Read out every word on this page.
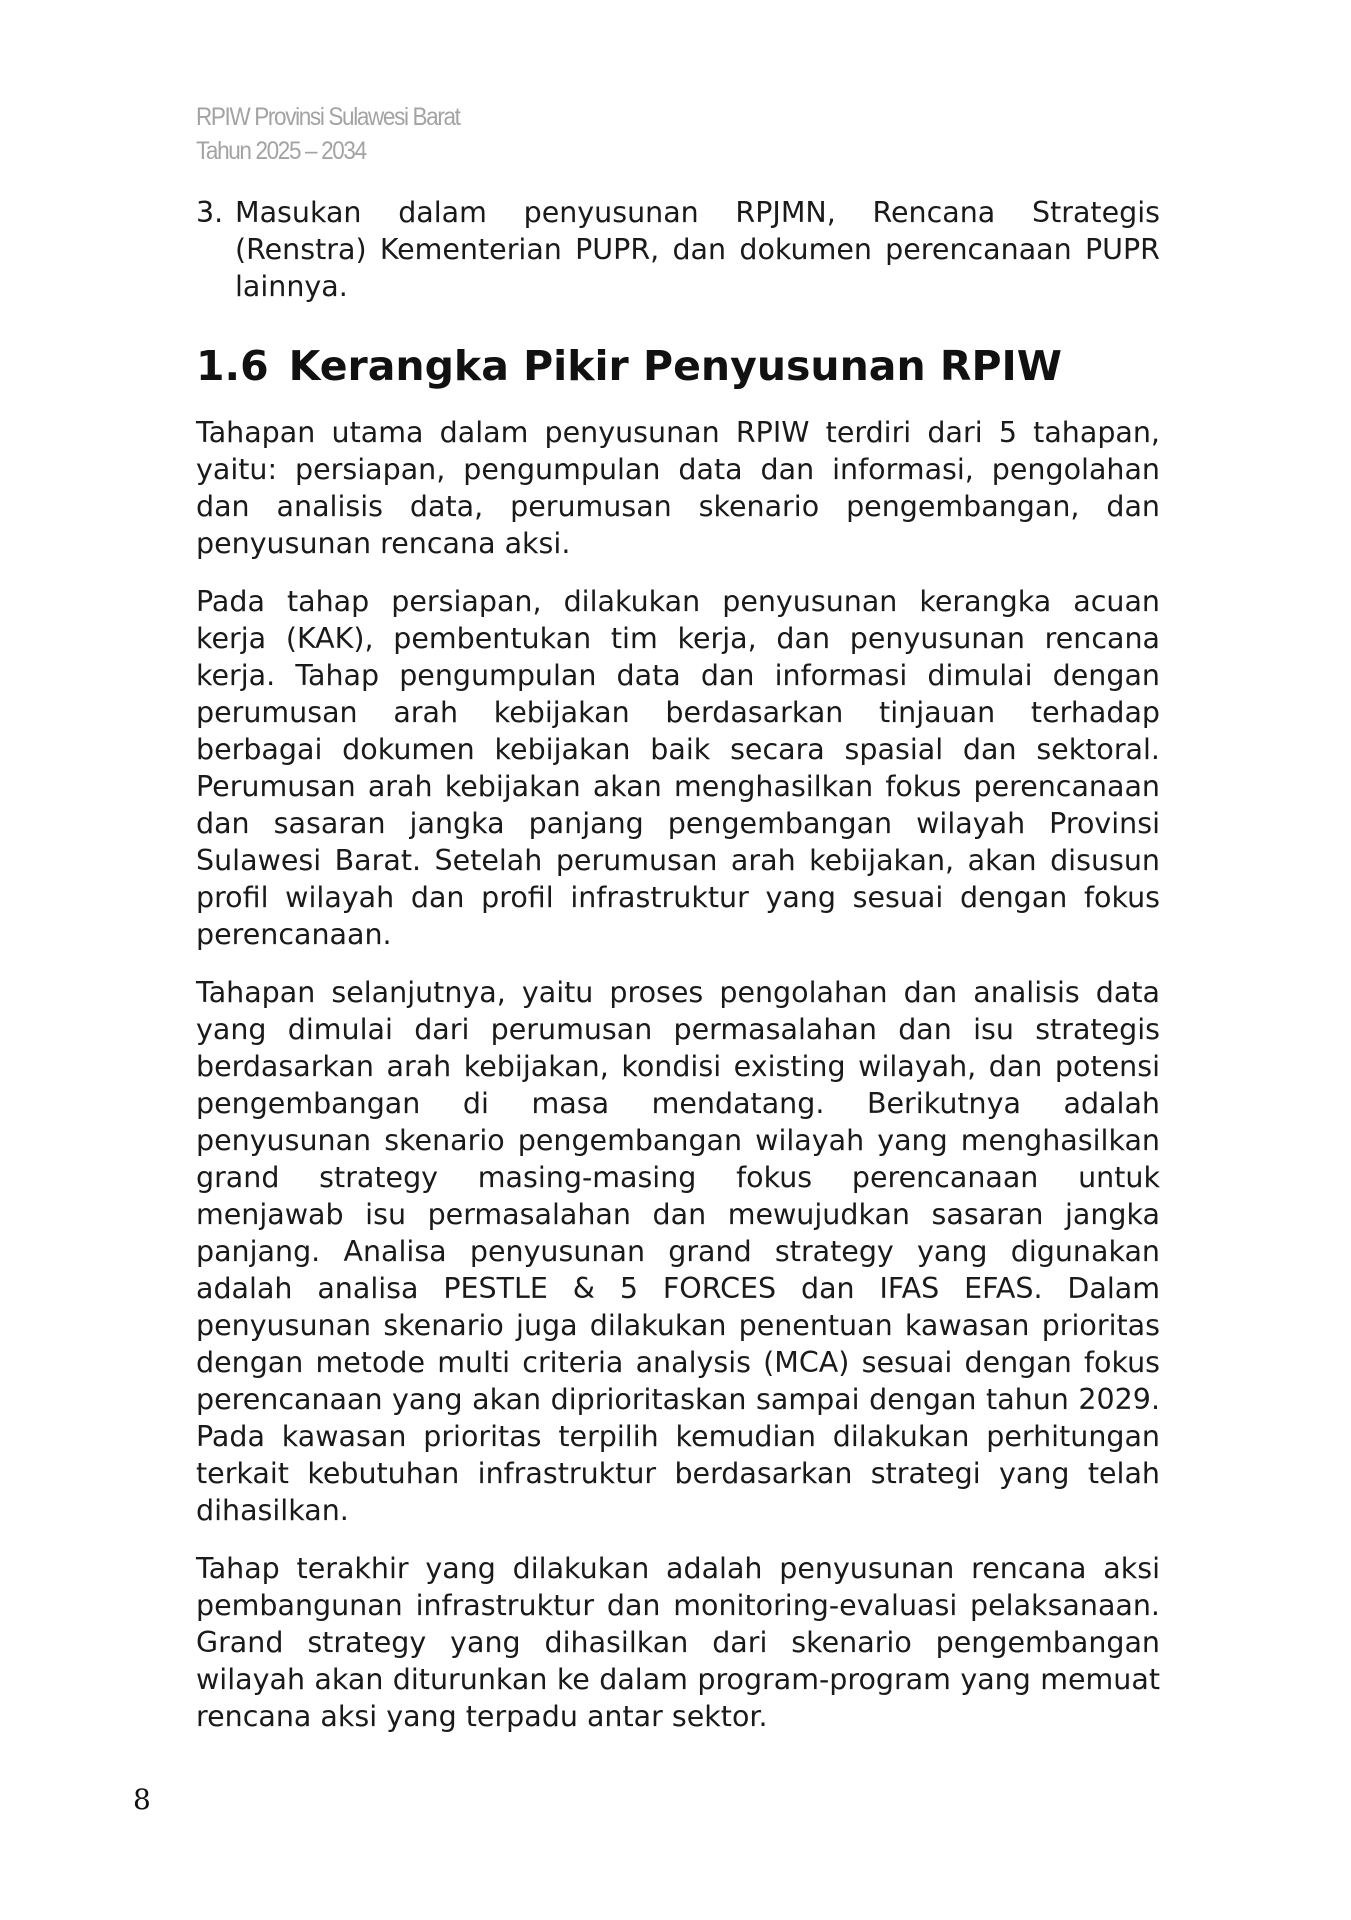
RPIW Provinsi Sulawesi Barat
Tahun 2025 – 2034
3. Masukan dalam penyusunan RPJMN, Rencana Strategis (Renstra) Kementerian PUPR, dan dokumen perencanaan PUPR lainnya.
1.6 Kerangka Pikir Penyusunan RPIW

Tahapan utama dalam penyusunan RPIW terdiri dari 5 tahapan, yaitu: persiapan, pengumpulan data dan informasi, pengolahan dan analisis data, perumusan skenario pengembangan, dan penyusunan rencana aksi.

Pada tahap persiapan, dilakukan penyusunan kerangka acuan kerja (KAK), pembentukan tim kerja, dan penyusunan rencana kerja. Tahap pengumpulan data dan informasi dimulai dengan perumusan arah kebijakan berdasarkan tinjauan terhadap berbagai dokumen kebijakan baik secara spasial dan sektoral. Perumusan arah kebijakan akan menghasilkan fokus perencanaan dan sasaran jangka panjang pengembangan wilayah Provinsi Sulawesi Barat. Setelah perumusan arah kebijakan, akan disusun profil wilayah dan profil infrastruktur yang sesuai dengan fokus perencanaan.

Tahapan selanjutnya, yaitu proses pengolahan dan analisis data yang dimulai dari perumusan permasalahan dan isu strategis berdasarkan arah kebijakan, kondisi existing wilayah, dan potensi pengembangan di masa mendatang. Berikutnya adalah penyusunan skenario pengembangan wilayah yang menghasilkan grand strategy masing-masing fokus perencanaan untuk menjawab isu permasalahan dan mewujudkan sasaran jangka panjang. Analisa penyusunan grand strategy yang digunakan adalah analisa PESTLE & 5 FORCES dan IFAS EFAS. Dalam penyusunan skenario juga dilakukan penentuan kawasan prioritas dengan metode multi criteria analysis (MCA) sesuai dengan fokus perencanaan yang akan diprioritaskan sampai dengan tahun 2029. Pada kawasan prioritas terpilih kemudian dilakukan perhitungan terkait kebutuhan infrastruktur berdasarkan strategi yang telah dihasilkan.

Tahap terakhir yang dilakukan adalah penyusunan rencana aksi pembangunan infrastruktur dan monitoring-evaluasi pelaksanaan. Grand strategy yang dihasilkan dari skenario pengembangan wilayah akan diturunkan ke dalam program-program yang memuat rencana aksi yang terpadu antar sektor.

8
